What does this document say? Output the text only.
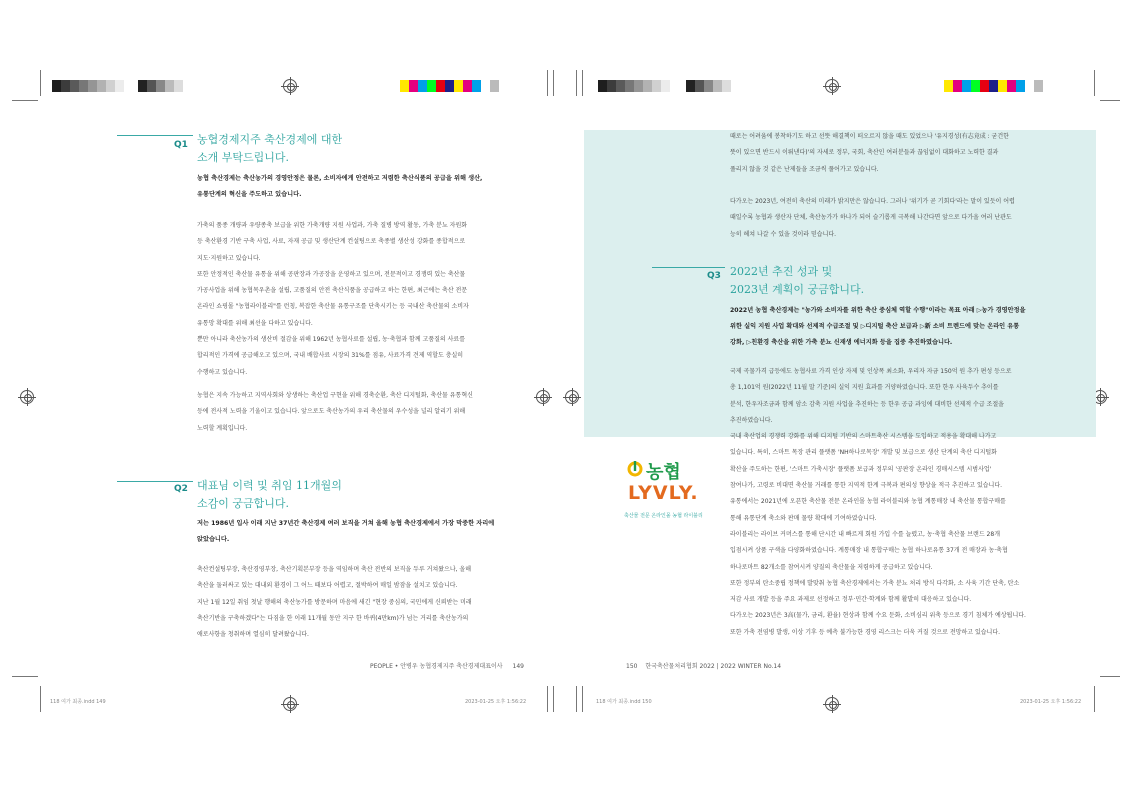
Q1 농협경제지주 축산경제에 대한
소개 부탁드립니다.

농협 축산경제는 축산농가의 경영안정은 물론, 소비자에게 안전하고 저렴한 축산식품의 공급을 위해 생산,

유통단계의 혁신을 주도하고 있습니다.

가축의 품종 개량과 우량종축 보급을 위한 가축개량 지원 사업과, 가축 질병 방역 활동, 가축 분뇨 자원화

등 축산환경 기반 구축 사업, 사료, 자재 공급 및 생산단계 컨설팅으로 축종별 생산성 강화를 종합적으로

지도·지원하고 있습니다.

또한 안정적인 축산물 유통을 위해 공판장과 가공장을 운영하고 있으며, 전문적이고 경쟁력 있는 축산물

가공사업을 위해 농협목우촌을 설립, 고품질의 안전 축산식품을 공급하고 하는 한편, 최근에는 축산 전문

온라인 쇼핑몰 "농협라이블리"를 런칭, 복잡한 축산물 유통구조를 단축시키는 등 국내산 축산물의 소비자

유통망 확대를 위해 최선을 다하고 있습니다.

뿐만 아니라 축산농가의 생산비 절감을 위해 1962년 농협사료를 설립, 농·축협과 함께 고품질의 사료를

합리적인 가격에 공급해오고 있으며, 국내 배합사료 시장의 31%를 점유, 사료가격 견제 역할도 충실히

수행하고 있습니다.

농협은 지속 가능하고 지역사회와 상생하는 축산업 구현을 위해 경축순환, 축산 디지털화, 축산물 유통혁신

등에 전사적 노력을 기울이고 있습니다. 앞으로도 축산농가의 우리 축산물의 우수성을 널리 알리기 위해

노력할 계획입니다.

Q2 대표님 이력 및 취임 11개월의
소감이 궁금합니다.

저는 1986년 입사 이래 지난 37년간 축산경제 여러 보직을 거쳐 올해 농협 축산경제에서 가장 막중한 자리에

앉았습니다.

축산컨설팅부장, 축산경영부장, 축산기획본부장 등을 역임하며 축산 전반의 보직을 두루 거쳐왔으나, 올해

축산을 둘러싸고 있는 대내외 환경이 그 어느 때보다 어렵고, 절박하여 매일 밤잠을 설치고 있습니다.

지난 1월 12일 취임 첫날 행해의 축산농가를 방문하며 마음에 새긴 "현장 중심의, 국민에게 신뢰받는 미래

축산기반을 구축하겠다"는 다짐을 한 이래 11개월 동안 지구 한 바퀴(4만km)가 넘는 거리를 축산농가의

애로사항을 청취하며 열심히 달려왔습니다.

PEOPLE • 안병우 농협경제지주 축산경제대표이사 149
118 여가 최종.indd 149	2023-01-25 오후 1:56:22

때로는 어려움에 봉착하기도 하고 선뜻 해결책이 떠오르지 않을 때도 있었으나 '유지경성(有志竟成 : 굳건한

뜻이 있으면 반드시 이뤄낸다)'의 자세로 정부, 국회, 축산인 여러분들과 끊임없이 대화하고 노력한 결과

풀리지 않을 것 같은 난제들을 조금씩 풀어가고 있습니다.

다가오는 2023년, 여전히 축산의 미래가 밝지만은 않습니다. 그러나 '위기가 곧 기회다'라는 말이 있듯이 어렵

때일수록 농협과 생산자 단체, 축산농가가 하나가 되어 슬기롭게 극복해 나간다면 앞으로 다가올 여러 난관도

능히 헤쳐 나갈 수 있을 것이라 믿습니다.

Q3 2022년 추진 성과 및
2023년 계획이 궁금합니다.

2022년 농협 축산경제는 "농가와 소비자를 위한 축산 중심체 역할 수행"이라는 목표 아래 ▷농가 경영안정을

위한 실익 지원 사업 확대와 선제적 수급조절 및 ▷디지털 축산 보급과 ▷新 소비 트렌드에 맞는 온라인 유통

강화, ▷친환경 축산을 위한 가축 분뇨 신재생 에너지화 등을 집중 추진하였습니다.

국제 곡물가격 급등에도 농협사료 가격 인상 자제 및 인상폭 최소화, 우리자 자금 150억 원 추가 편성 등으로

총 1,101억 원(2022년 11월 말 기준)의 실익 지원 효과를 거양하였습니다. 또한 한우 사육두수 추이를

분석, 한우자조금과 함께 암소 감축 지원 사업을 추진하는 등 한우 공급 과잉에 대비한 선제적 수급 조절을

추진하였습니다.

국내 축산업의 경쟁력 강화를 위해 디지털 기반의 스마트축산 시스템을 도입하고 적용을 확대해 나가고

있습니다. 특히, 스마트 목장 관리 플랫폼 'NH하나로목장' 개발 및 보급으로 생산 단계의 축산 디지털화

확산을 주도하는 한편, '스마트 가축시장' 플랫폼 보급과 정부의 '공판장 온라인 경매시스템 시범사업'

참여나가, 고령로 비대면 축산물 거래를 통한 지역적 한계 극복과 편의성 향상을 적극 추진하고 있습니다.

유통에서는 2021년에 오픈한 축산물 전문 온라인몰 농협 라이블리와 농협 계통매장 내 축산물 통합구매를

통해 유통단계 축소와 판매 물량 확대에 기여하였습니다.

라이블리는 라이브 커머스를 통해 단시간 내 빠르게 회원 가입 수를 늘렸고, 농·축협 축산물 브랜드 28개

입점시켜 상품 구색을 다양화하였습니다. 계통매장 내 통합구매는 농협 하나로유통 37개 전 매장과 농·축협

하나로마트 82개소를 참여시켜 양질의 축산물을 저렴하게 공급하고 있습니다.

또한 정부의 탄소중립 정책에 발맞춰 농협 축산경제에서는 가축 분뇨 처리 방식 다각화, 소 사육 기간 단축, 탄소

저감 사료 개발 등을 주요 과제로 선정하고 정부·민간·학계와 함께 활발히 대응하고 있습니다.

다가오는 2023년은 3高(물가, 금리, 환율) 현상과 함께 수요 둔화, 소비심리 위축 등으로 경기 침체가 예상됩니다.

또한 가축 전염병 발생, 이상 기후 등 예측 불가능한 경영 리스크는 더욱 커질 것으로 전망하고 있습니다.

농협
LYVLY.
축산물 전문 온라인몰 농협 라이블리
150 한국축산물처리협회 2022 | 2022 WINTER No.14
118 여가 최종.indd 150	2023-01-25 오후 1:56:22
